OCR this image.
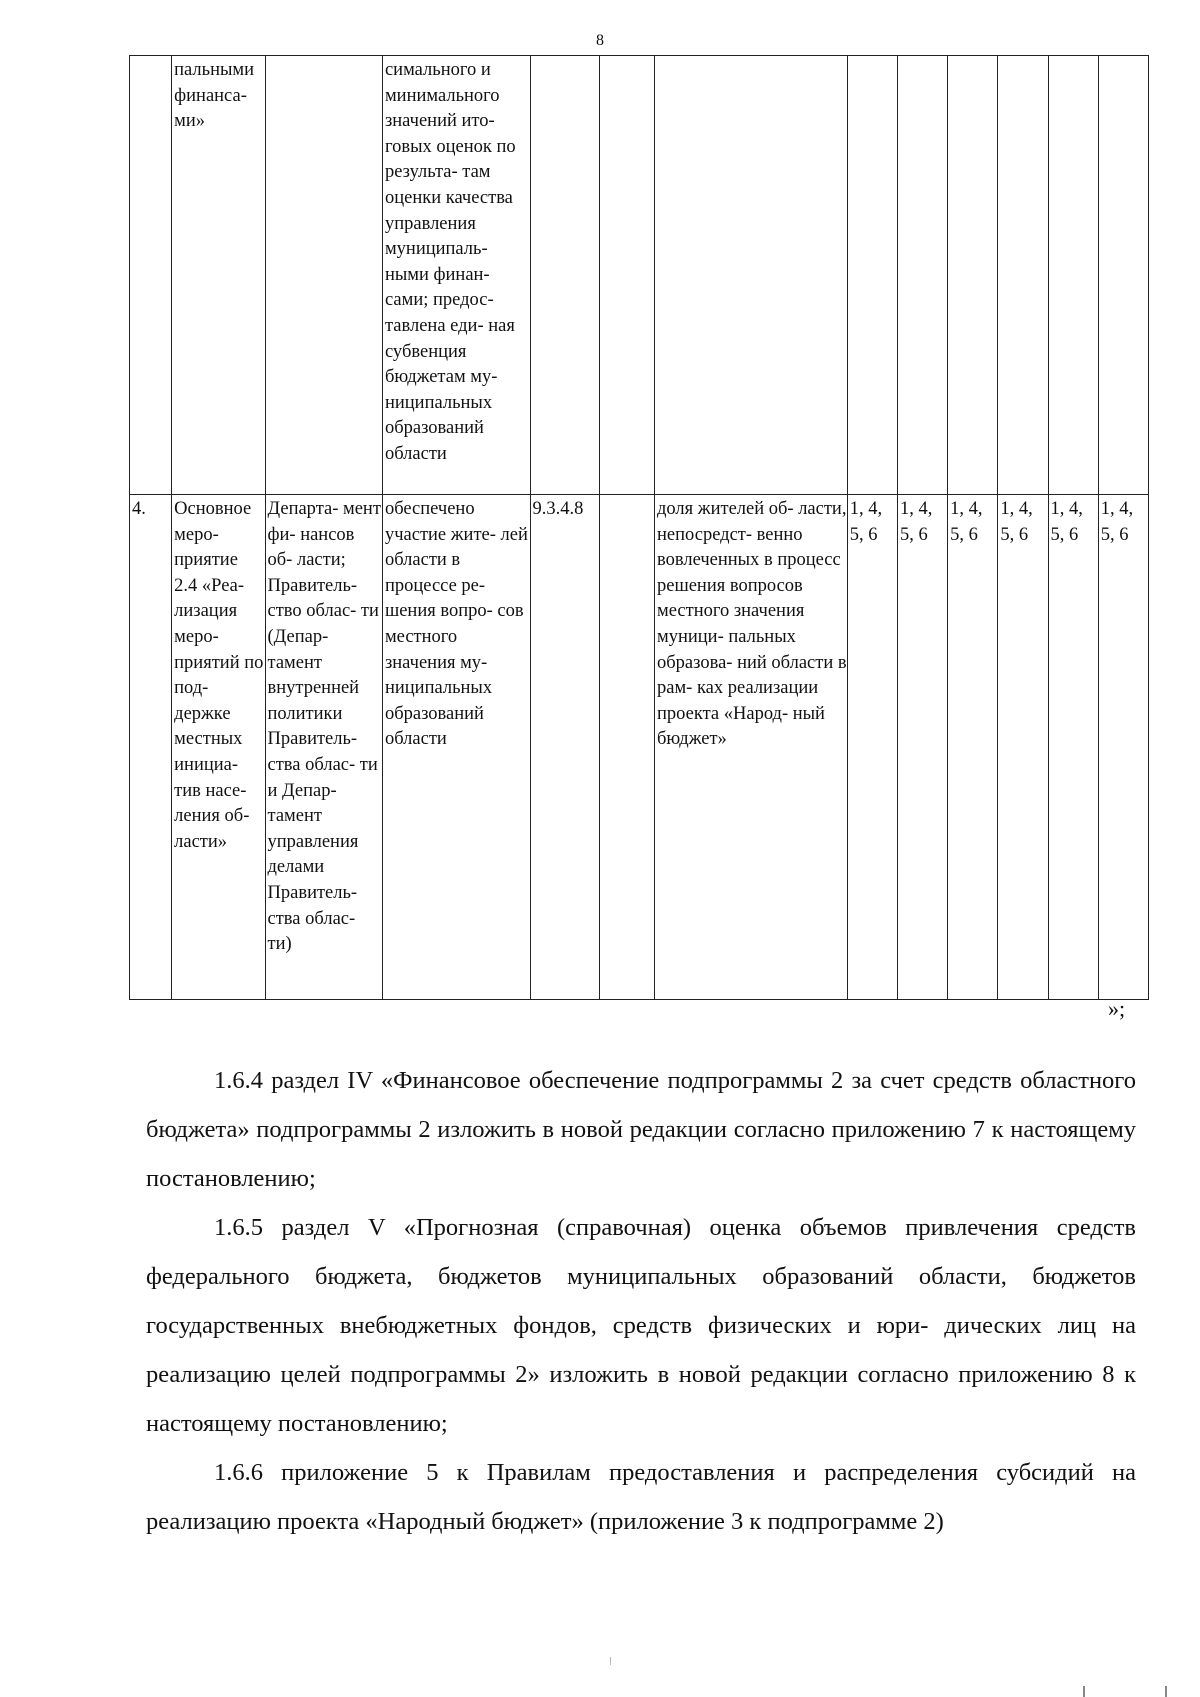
8
	пальными финанса- ми»		симального и минимального значений ито- говых оценок по результа- там оценки качества управления муниципаль- ными финан- сами; предос- тавлена еди- ная субвенция бюджетам му- ниципальных образований области									
4.	Основное меро- приятие 2.4 «Реа- лизация меро- приятий по под- держке местных инициа- тив насе- ления об- ласти»	Департа- мент фи- нансов об- ласти; Правитель- ство облас- ти (Депар- тамент внутренней политики Правитель- ства облас- ти и Депар- тамент управления делами Правитель- ства облас- ти)	обеспечено участие жите- лей области в процессе ре- шения вопро- сов местного значения му- ниципальных образований области	9.3.4.8		доля жителей об- ласти, непосредст- венно вовлеченных в процесс решения вопросов местного значения муници- пальных образова- ний области в рам- ках реализации проекта «Народ- ный бюджет»	1, 4, 5, 6	1, 4, 5, 6	1, 4, 5, 6	1, 4, 5, 6	1, 4, 5, 6	1, 4, 5, 6
»;
1.6.4 раздел IV «Финансовое обеспечение подпрограммы 2 за счет средств областного бюджета» подпрограммы 2 изложить в новой редакции согласно приложению 7 к настоящему постановлению;
1.6.5 раздел V «Прогнозная (справочная) оценка объемов привлечения средств федерального бюджета, бюджетов муниципальных образований области, бюджетов государственных внебюджетных фондов, средств физических и юри- дических лиц на реализацию целей подпрограммы 2» изложить в новой редакции согласно приложению 8 к настоящему постановлению;
1.6.6 приложение 5 к Правилам предоставления и распределения субсидий на реализацию проекта «Народный бюджет» (приложение 3 к подпрограмме 2)
